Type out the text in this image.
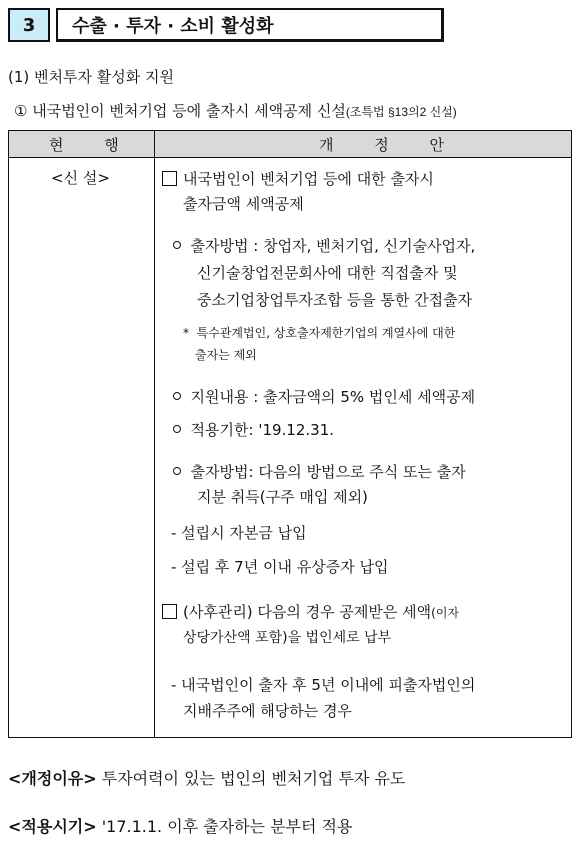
3	수출 · 투자 · 소비 활성화
(1) 벤처투자 활성화 지원
① 내국법인이 벤처기업 등에 출자시 세액공제 신설(조특법 §13의2 신설)
현 행	개 정 안
<신 설>	내국법인이 벤처기업 등에 대한 출자시
출자금액 세액공제
출자방법 : 창업자, 벤처기업, 신기술사업자,
신기술창업전문회사에 대한 직접출자 및
중소기업창업투자조합 등을 통한 간접출자
* 특수관계법인, 상호출자제한기업의 계열사에 대한
출자는 제외
지원내용 : 출자금액의 5% 법인세 세액공제
적용기한: '19.12.31.
출자방법: 다음의 방법으로 주식 또는 출자
지분 취득(구주 매입 제외)
- 설립시 자본금 납입
- 설립 후 7년 이내 유상증자 납입
(사후관리) 다음의 경우 공제받은 세액(이자
상당가산액 포함)을 법인세로 납부
- 내국법인이 출자 후 5년 이내에 피출자법인의
지배주주에 해당하는 경우
<개정이유> 투자여력이 있는 법인의 벤처기업 투자 유도
<적용시기> '17.1.1. 이후 출자하는 분부터 적용
